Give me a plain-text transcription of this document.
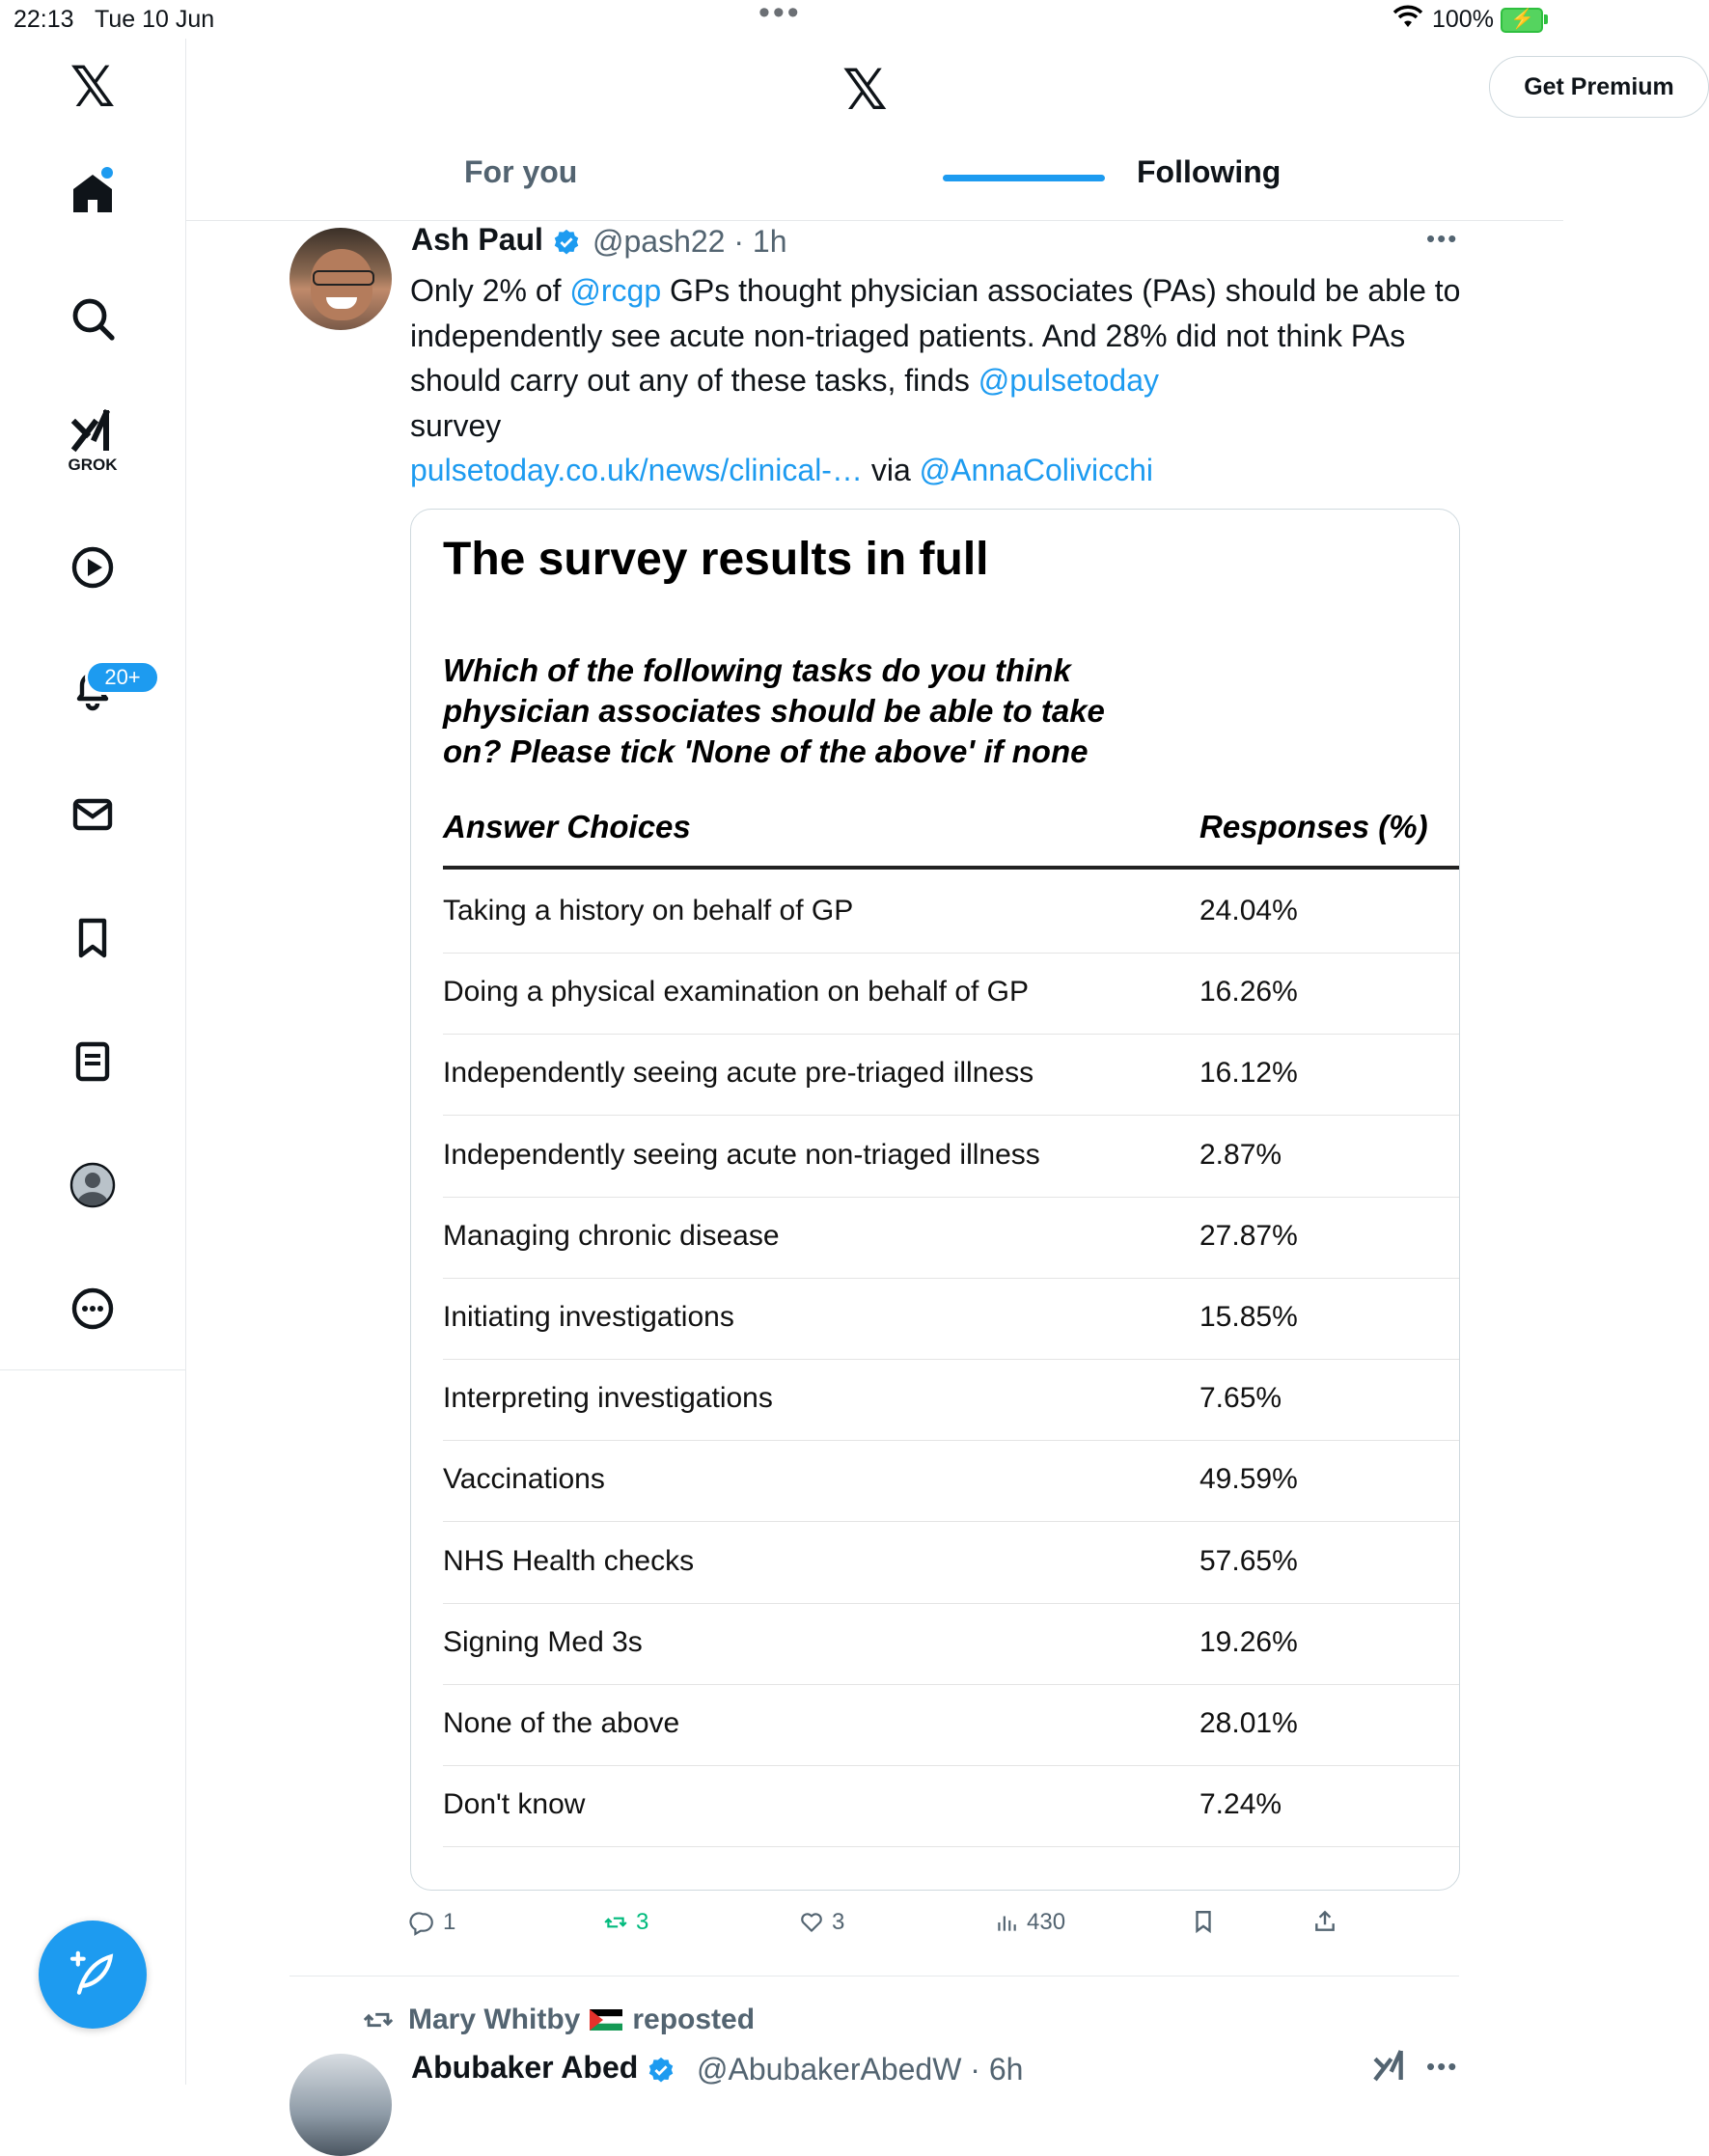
22:13 Tue 10 Jun	•••	100% ⚡
𝕏
GROK
20+
𝕏	Get Premium
For you	Following
Ash Paul	@pash22 · 1h	•••
Only 2% of @rcgp GPs thought physician associates (PAs) should be able to independently see acute non-triaged patients. And 28% did not think PAs should carry out any of these tasks, finds @pulsetoday
survey
pulsetoday.co.uk/news/clinical-… via @AnnaColivicchi
The survey results in full
Which of the following tasks do you think physician associates should be able to take on? Please tick 'None of the above' if none
Answer Choices	Responses (%)
Taking a history on behalf of GP	24.04%
Doing a physical examination on behalf of GP	16.26%
Independently seeing acute pre-triaged illness	16.12%
Independently seeing acute non-triaged illness	2.87%
Managing chronic disease	27.87%
Initiating investigations	15.85%
Interpreting investigations	7.65%
Vaccinations	49.59%
NHS Health checks	57.65%
Signing Med 3s	19.26%
None of the above	28.01%
Don't know	7.24%
1	3	3	430
Mary Whitby reposted
Abubaker Abed	@AbubakerAbedW · 6h	•••
